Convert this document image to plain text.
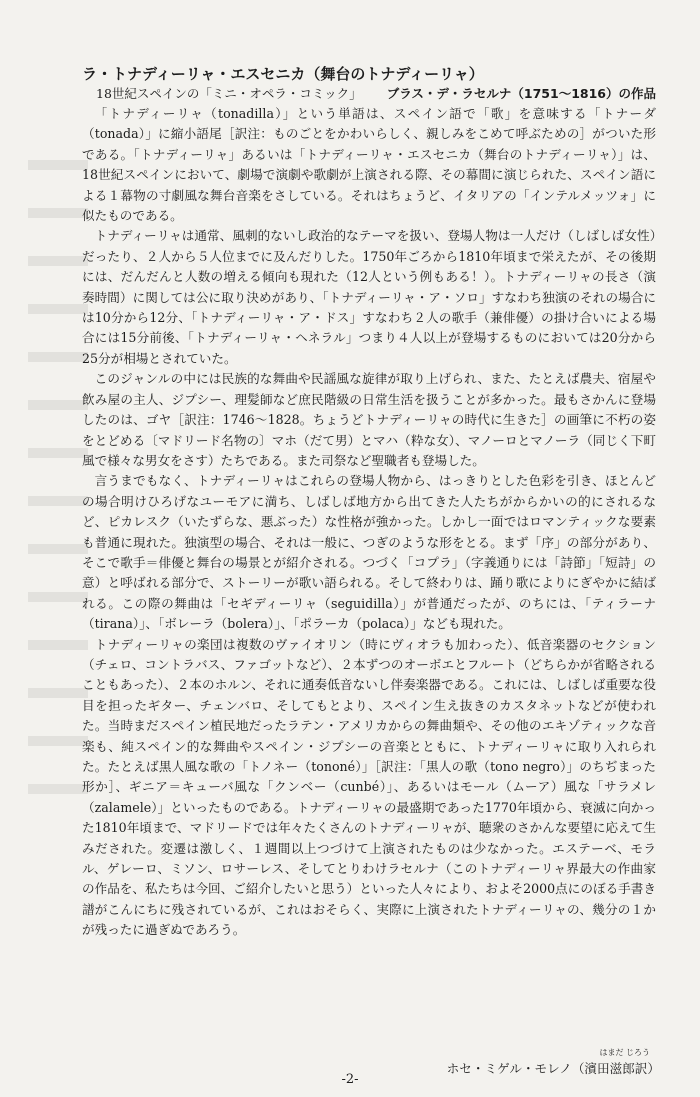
ラ・トナディーリャ・エスセニカ（舞台のトナディーリャ）
18世紀スペインの「ミニ・オペラ・コミック」 ブラス・デ・ラセルナ（1751〜1816）の作品

「トナディーリャ（tonadilla）」という単語は、スペイン語で「歌」を意味する「トナーダ（tonada）」に縮小語尾［訳注：ものごとをかわいらしく、親しみをこめて呼ぶための］がついた形である。「トナディーリャ」あるいは「トナディーリャ・エスセニカ（舞台のトナディーリャ）」は、18世紀スペインにおいて、劇場で演劇や歌劇が上演される際、その幕間に演じられた、スペイン語による１幕物の寸劇風な舞台音楽をさしている。それはちょうど、イタリアの「インテルメッツォ」に似たものである。

トナディーリャは通常、風刺的ないし政治的なテーマを扱い、登場人物は一人だけ（しばしば女性）だったり、２人から５人位までに及んだりした。1750年ごろから1810年頃まで栄えたが、その後期には、だんだんと人数の増える傾向も現れた（12人という例もある！）。トナディーリャの長さ（演奏時間）に関しては公に取り決めがあり、「トナディーリャ・ア・ソロ」すなわち独演のそれの場合には10分から12分、「トナディーリャ・ア・ドス」すなわち２人の歌手（兼俳優）の掛け合いによる場合には15分前後、「トナディーリャ・ヘネラル」つまり４人以上が登場するものにおいては20分から25分が相場とされていた。

このジャンルの中には民族的な舞曲や民謡風な旋律が取り上げられ、また、たとえば農夫、宿屋や飲み屋の主人、ジプシー、理髪師など庶民階級の日常生活を扱うことが多かった。最もさかんに登場したのは、ゴヤ［訳注：1746〜1828。ちょうどトナディーリャの時代に生きた］の画筆に不朽の姿をとどめる〔マドリード名物の〕マホ（だて男）とマハ（粋な女）、マノーロとマノーラ（同じく下町風で様々な男女をさす）たちである。また司祭など聖職者も登場した。

言うまでもなく、トナディーリャはこれらの登場人物から、はっきりとした色彩を引き、ほとんどの場合明けひろげなユーモアに満ち、しばしば地方から出てきた人たちがからかいの的にされるなど、ピカレスク（いたずらな、悪ぶった）な性格が強かった。しかし一面ではロマンティックな要素も普通に現れた。独演型の場合、それは一般に、つぎのような形をとる。まず「序」の部分があり、そこで歌手＝俳優と舞台の場景とが紹介される。つづく「コプラ」（字義通りには「詩節」「短詩」の意）と呼ばれる部分で、ストーリーが歌い語られる。そして終わりは、踊り歌によりにぎやかに結ばれる。この際の舞曲は「セギディーリャ（seguidilla）」が普通だったが、のちには、「ティラーナ（tirana）」、「ボレーラ（bolera）」、「ポラーカ（polaca）」なども現れた。

トナディーリャの楽団は複数のヴァイオリン（時にヴィオラも加わった）、低音楽器のセクション（チェロ、コントラバス、ファゴットなど）、２本ずつのオーボエとフルート（どちらかが省略されることもあった）、２本のホルン、それに通奏低音ないし伴奏楽器である。これには、しばしば重要な役目を担ったギター、チェンバロ、そしてもとより、スペイン生え抜きのカスタネットなどが使われた。当時まだスペイン植民地だったラテン・アメリカからの舞曲類や、その他のエキゾティックな音楽も、純スペイン的な舞曲やスペイン・ジプシーの音楽とともに、トナディーリャに取り入れられた。たとえば黒人風な歌の「トノネー（tononé）」［訳注：「黒人の歌（tono negro）」のちぢまった形か］、ギニア＝キューバ風な「クンベー（cunbé）」、あるいはモール（ムーア）風な「サラメレ（zalamele）」といったものである。トナディーリャの最盛期であった1770年頃から、衰滅に向かった1810年頃まで、マドリードでは年々たくさんのトナディーリャが、聴衆のさかんな要望に応えて生みだされた。変遷は激しく、１週間以上つづけて上演されたものは少なかった。エステーベ、モラル、ゲレーロ、ミソン、ロサーレス、そしてとりわけラセルナ（このトナディーリャ界最大の作曲家の作品を、私たちは今回、ご紹介したいと思う）といった人々により、およそ2000点にのぼる手書き譜がこんにちに残されているが、これはおそらく、実際に上演されたトナディーリャの、幾分の１かが残ったに過ぎぬであろう。

はまだ じろう
ホセ・ミゲル・モレノ（濱田滋郎訳）
-2-
